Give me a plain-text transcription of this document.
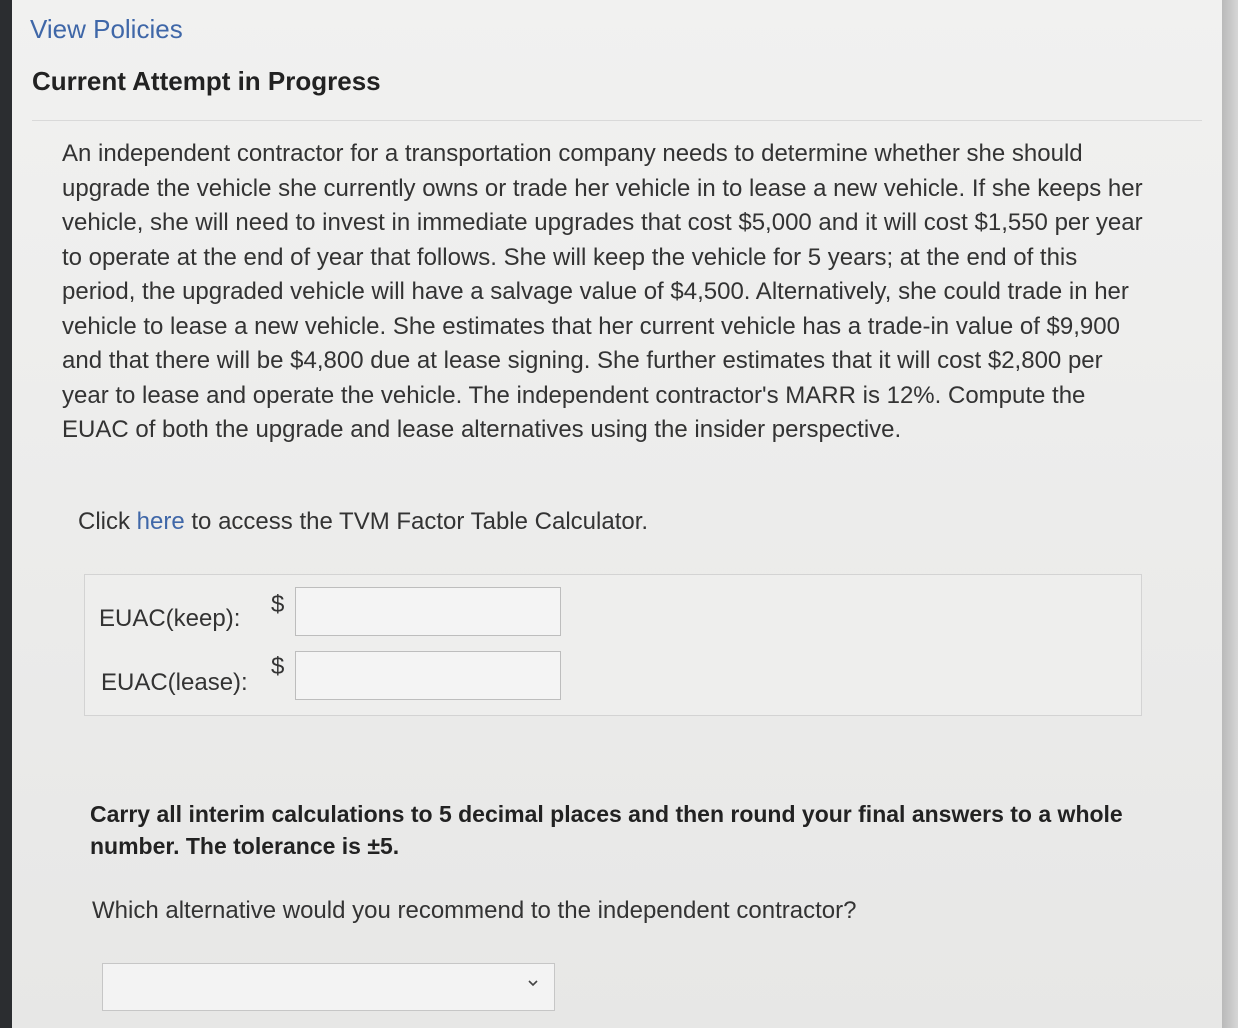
View Policies
Current Attempt in Progress
An independent contractor for a transportation company needs to determine whether she should upgrade the vehicle she currently owns or trade her vehicle in to lease a new vehicle. If she keeps her vehicle, she will need to invest in immediate upgrades that cost $5,000 and it will cost $1,550 per year to operate at the end of year that follows. She will keep the vehicle for 5 years; at the end of this period, the upgraded vehicle will have a salvage value of $4,500. Alternatively, she could trade in her vehicle to lease a new vehicle. She estimates that her current vehicle has a trade-in value of $9,900 and that there will be $4,800 due at lease signing. She further estimates that it will cost $2,800 per year to lease and operate the vehicle. The independent contractor's MARR is 12%. Compute the EUAC of both the upgrade and lease alternatives using the insider perspective.
Click here to access the TVM Factor Table Calculator.
EUAC(keep):
$
EUAC(lease):
$
Carry all interim calculations to 5 decimal places and then round your final answers to a whole number. The tolerance is ±5.
Which alternative would you recommend to the independent contractor?
